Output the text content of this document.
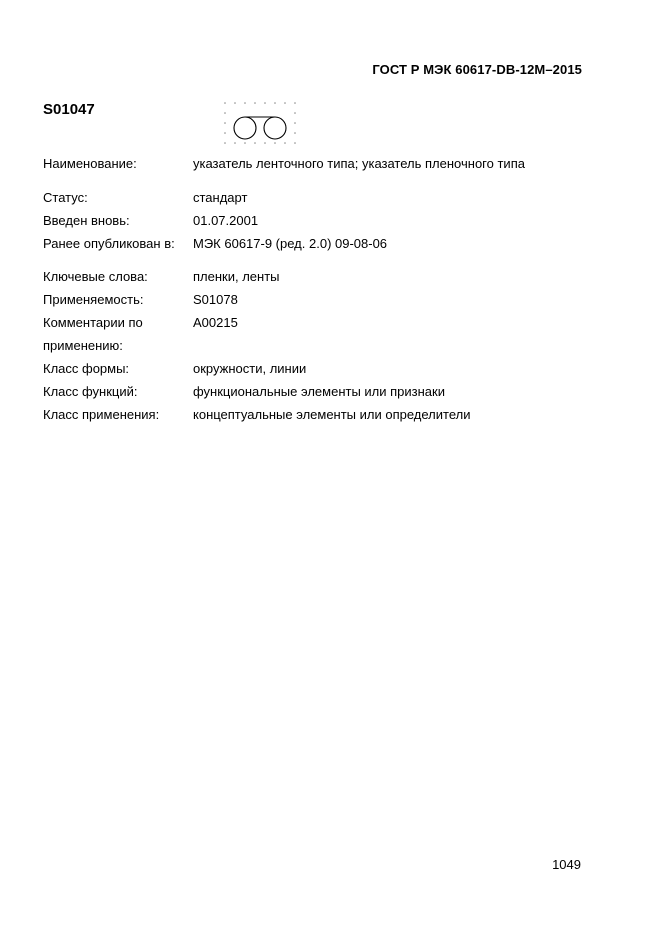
ГОСТ Р МЭК 60617-DB-12M–2015
S01047
Наименование:	указатель ленточного типа; указатель пленочного типа
Статус:	стандарт
Введен вновь:	01.07.2001
Ранее опубликован в:	МЭК 60617-9 (ред. 2.0) 09-08-06
Ключевые слова:	пленки, ленты
Применяемость:	S01078
Комментарии по	A00215
применению:
Класс формы:	окружности, линии
Класс функций:	функциональные элементы или признаки
Класс применения:	концептуальные элементы или определители
1049
